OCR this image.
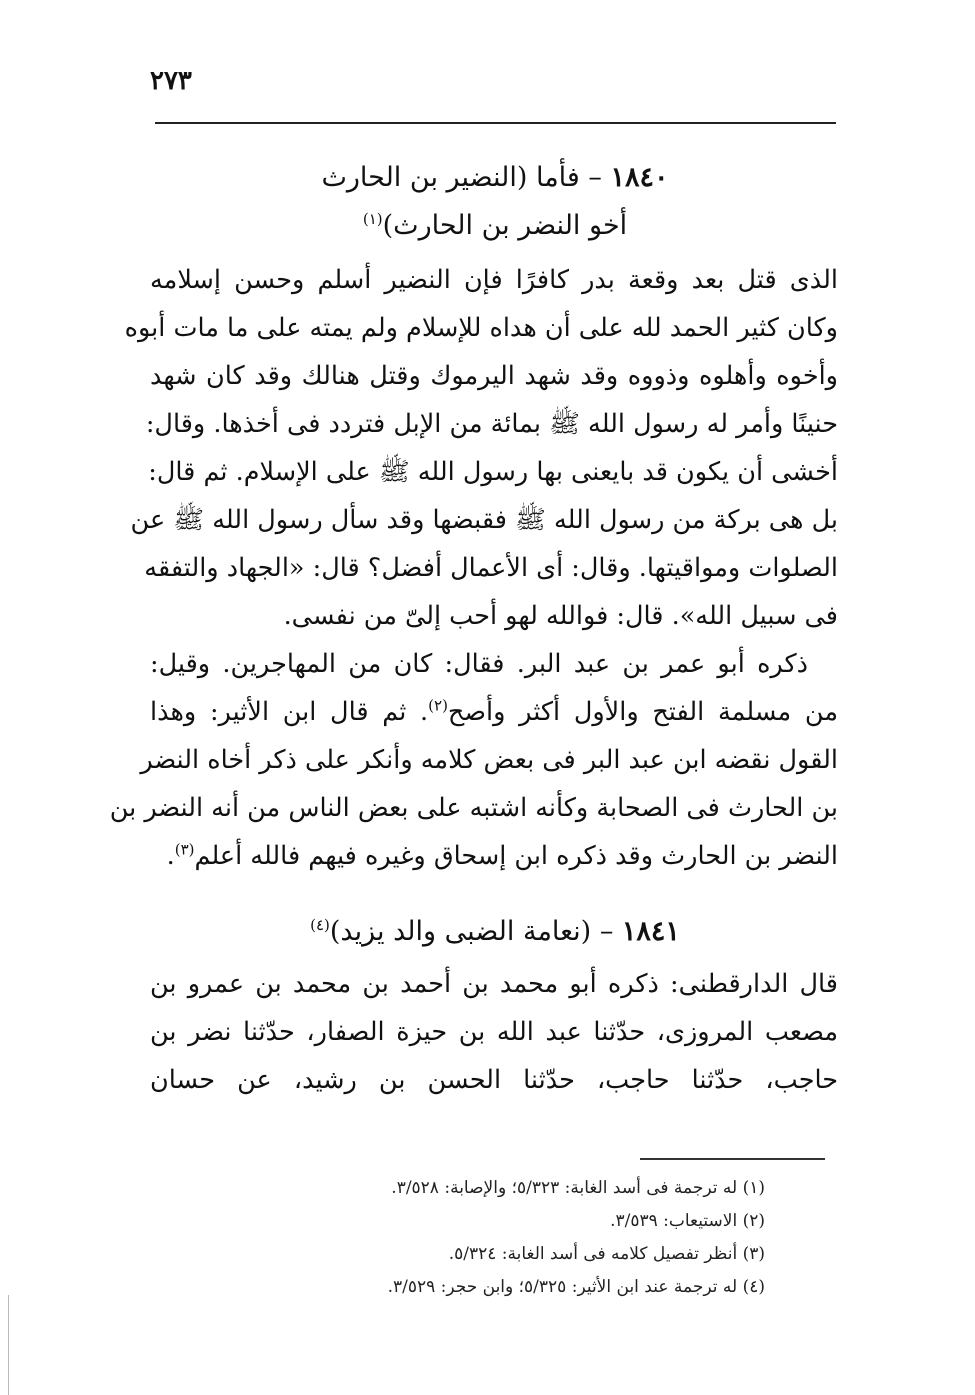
٢٧٣
١٨٤٠ – فأما (النضير بن الحارث
أخو النضر بن الحارث)$^{(١)}$
الذى قتل بعد وقعة بدر كافرًا فإن النضير أسلم وحسن إسلامه
وكان كثير الحمد لله على أن هداه للإسلام ولم يمته على ما مات أبوه
وأخوه وأهلوه وذووه وقد شهد اليرموك وقتل هنالك وقد كان شهد
حنينًا وأمر له رسول الله ﷺ بمائة من الإبل فتردد فى أخذها. وقال:
أخشى أن يكون قد بايعنى بها رسول الله ﷺ على الإسلام. ثم قال:
بل هى بركة من رسول الله ﷺ فقبضها وقد سأل رسول الله ﷺ عن
الصلوات ومواقيتها. وقال: أى الأعمال أفضل؟ قال: «الجهاد والتفقه
فى سبيل الله». قال: فوالله لهو أحب إلىّ من نفسى.
ذكره أبو عمر بن عبد البر. فقال: كان من المهاجرين. وقيل:
من مسلمة الفتح والأول أكثر وأصح$^{(٢)}$. ثم قال ابن الأثير: وهذا
القول نقضه ابن عبد البر فى بعض كلامه وأنكر على ذكر أخاه النضر
بن الحارث فى الصحابة وكأنه اشتبه على بعض الناس من أنه النضر بن
النضر بن الحارث وقد ذكره ابن إسحاق وغيره فيهم فالله أعلم$^{(٣)}$.
١٨٤١ – (نعامة الضبى والد يزيد)$^{(٤)}$
قال الدارقطنى: ذكره أبو محمد بن أحمد بن محمد بن عمرو بن
مصعب المروزى، حدّثنا عبد الله بن حيزة الصفار، حدّثنا نضر بن
حاجب، حدّثنا حاجب، حدّثنا الحسن بن رشيد، عن حسان
(١) له ترجمة فى أسد الغابة: ٥/٣٢٣؛ والإصابة: ٣/٥٢٨.
(٢) الاستيعاب: ٣/٥٣٩.
(٣) أنظر تفصيل كلامه فى أسد الغابة: ٥/٣٢٤.
(٤) له ترجمة عند ابن الأثير: ٥/٣٢٥؛ وابن حجر: ٣/٥٢٩.
